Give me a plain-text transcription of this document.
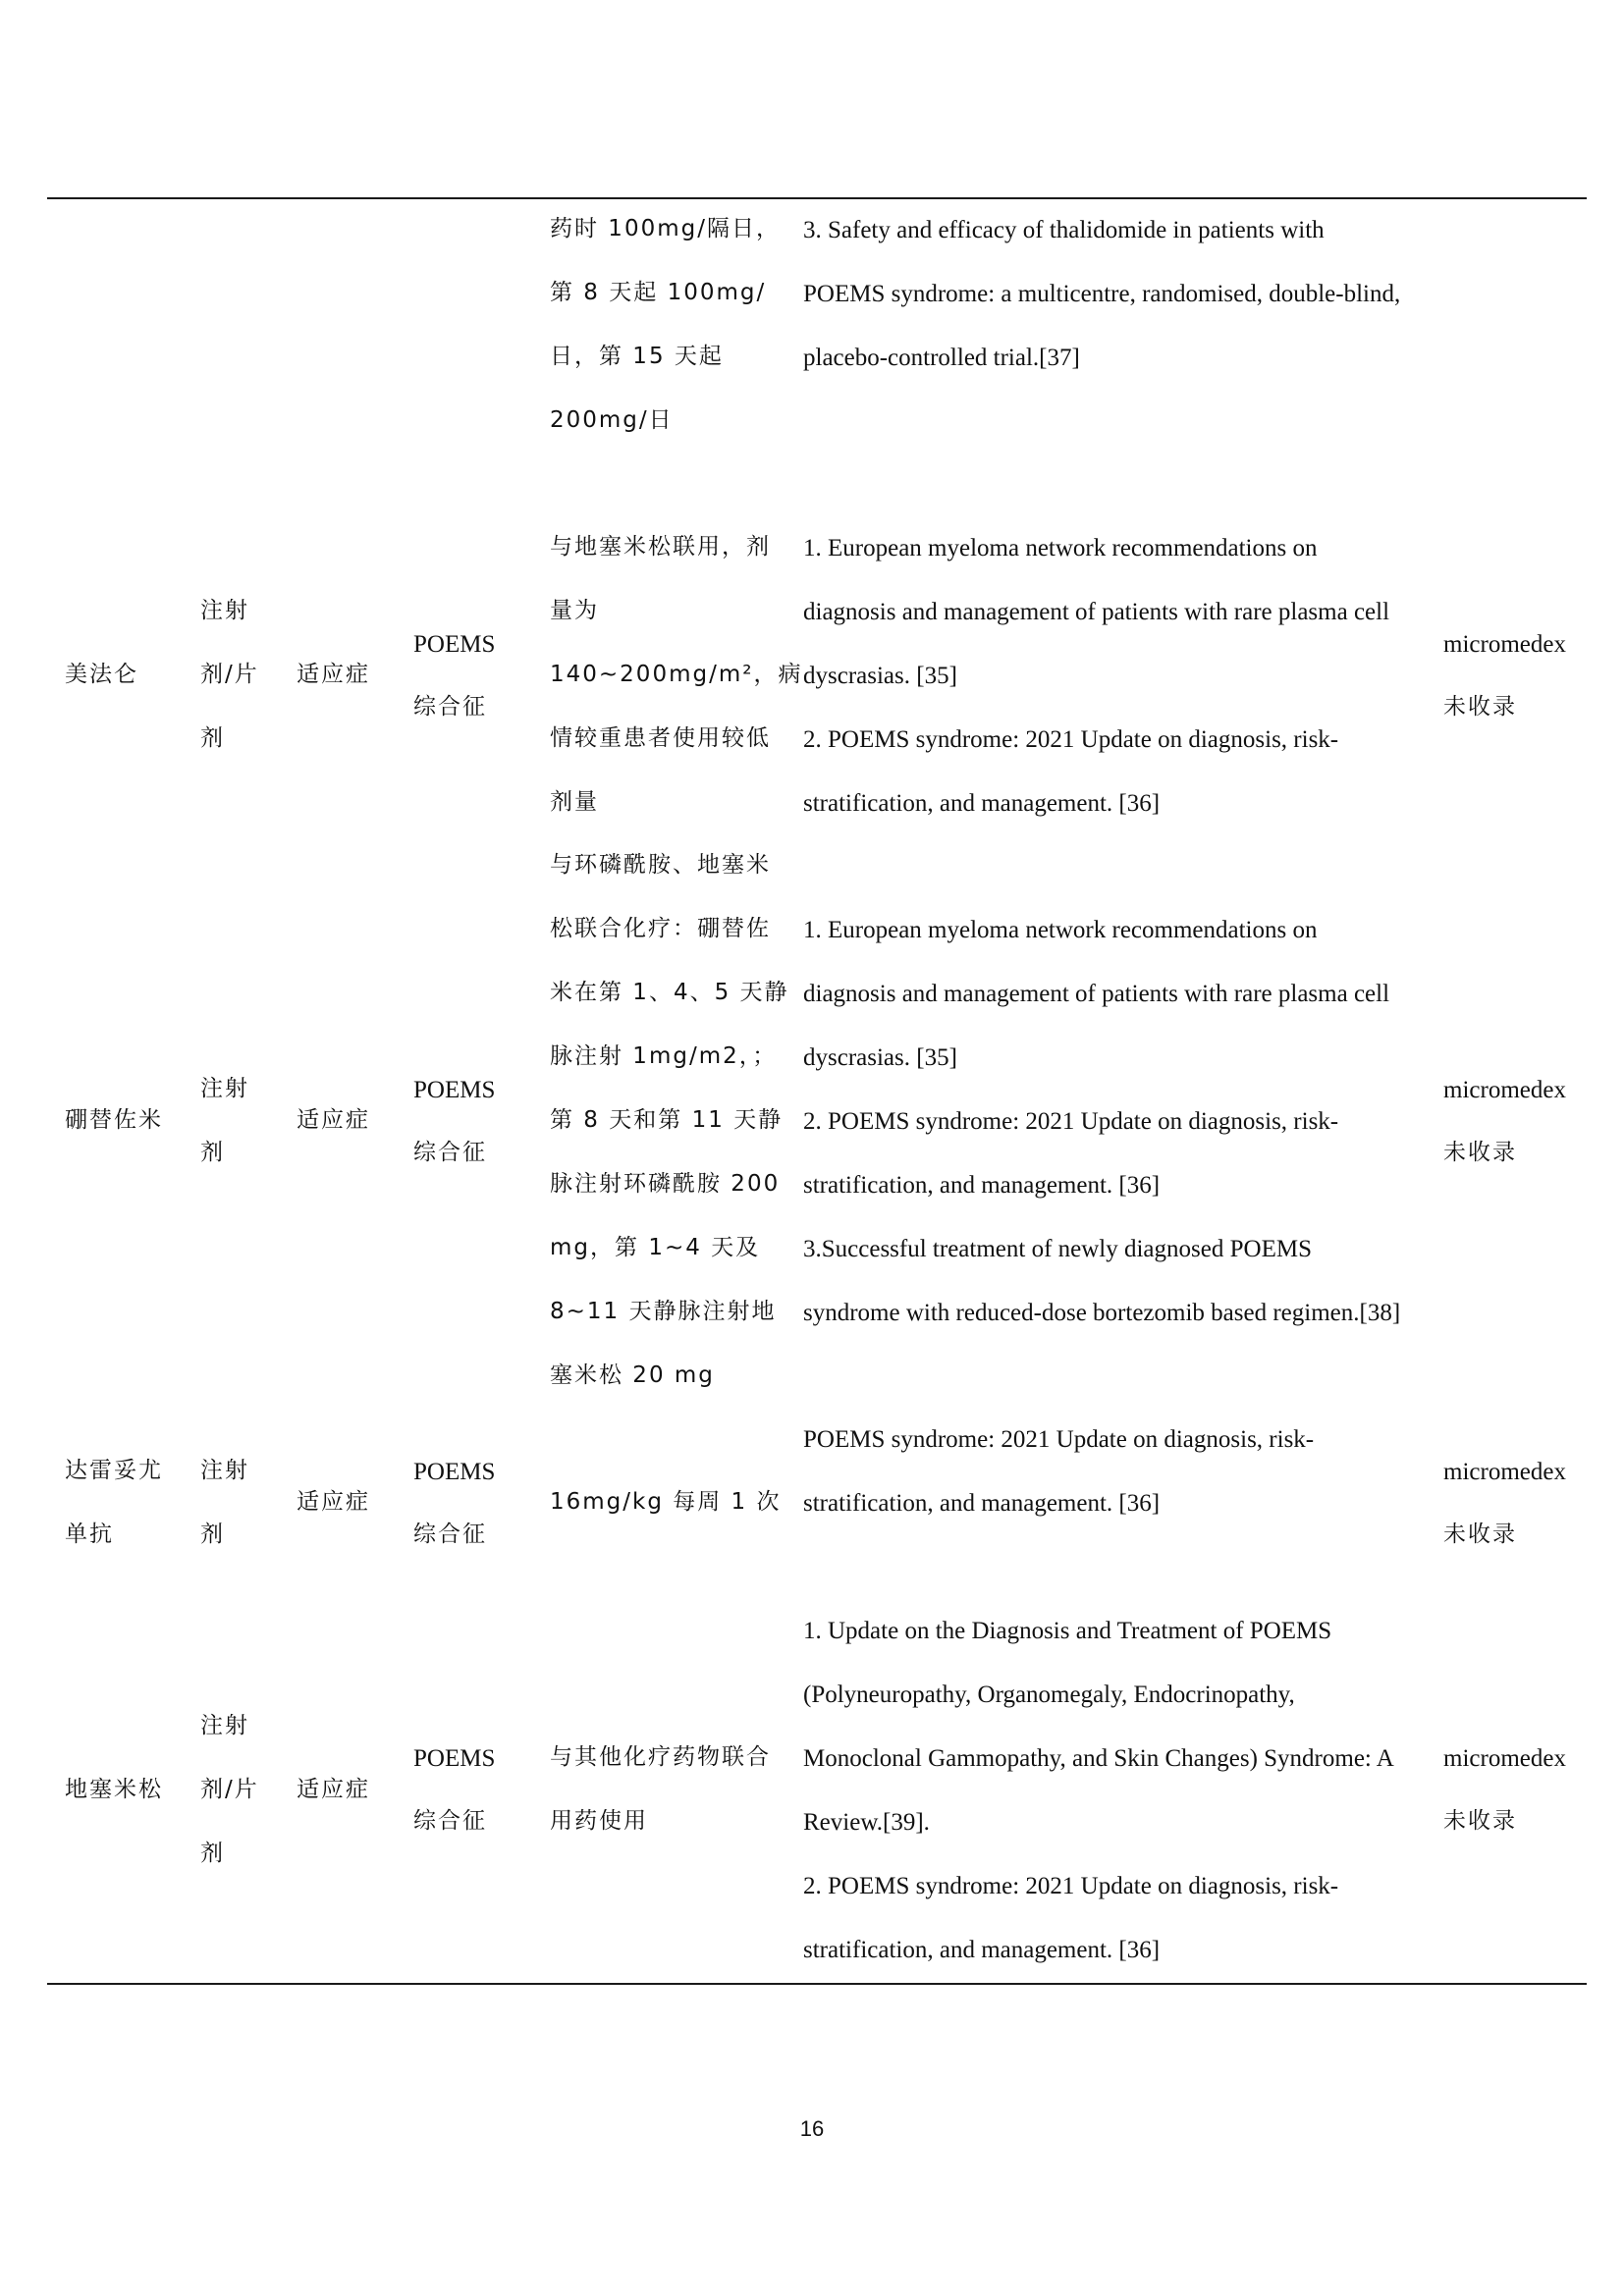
药时 100mg/隔日，
第 8 天起 100mg/
日，第 15 天起
200mg/日
3. Safety and efficacy of thalidomide in patients with
POEMS syndrome: a multicentre, randomised, double-blind,
placebo-controlled trial.[37]
美法仑
注射
剂/片
剂
适应症
POEMS
综合征
与地塞米松联用，剂
量为
140~200mg/m²，病
情较重患者使用较低
剂量
1. European myeloma network recommendations on
diagnosis and management of patients with rare plasma cell
dyscrasias. [35]
2. POEMS syndrome: 2021 Update on diagnosis, risk-
stratification, and management. [36]
micromedex
未收录
硼替佐米
注射
剂
适应症
POEMS
综合征
与环磷酰胺、地塞米
松联合化疗：硼替佐
米在第 1、4、5 天静
脉注射 1mg/m2，；
第 8 天和第 11 天静
脉注射环磷酰胺 200
mg，第 1~4 天及
8~11 天静脉注射地
塞米松 20 mg
1. European myeloma network recommendations on
diagnosis and management of patients with rare plasma cell
dyscrasias. [35]
2. POEMS syndrome: 2021 Update on diagnosis, risk-
stratification, and management. [36]
3.Successful treatment of newly diagnosed POEMS
syndrome with reduced-dose bortezomib based regimen.[38]
micromedex
未收录
达雷妥尤
单抗
注射
剂
适应症
POEMS
综合征
16mg/kg 每周 1 次
POEMS syndrome: 2021 Update on diagnosis, risk-
stratification, and management. [36]
micromedex
未收录
地塞米松
注射
剂/片
剂
适应症
POEMS
综合征
与其他化疗药物联合
用药使用
1. Update on the Diagnosis and Treatment of POEMS
(Polyneuropathy, Organomegaly, Endocrinopathy,
Monoclonal Gammopathy, and Skin Changes) Syndrome: A
Review.[39].
2. POEMS syndrome: 2021 Update on diagnosis, risk-
stratification, and management. [36]
micromedex
未收录
16
